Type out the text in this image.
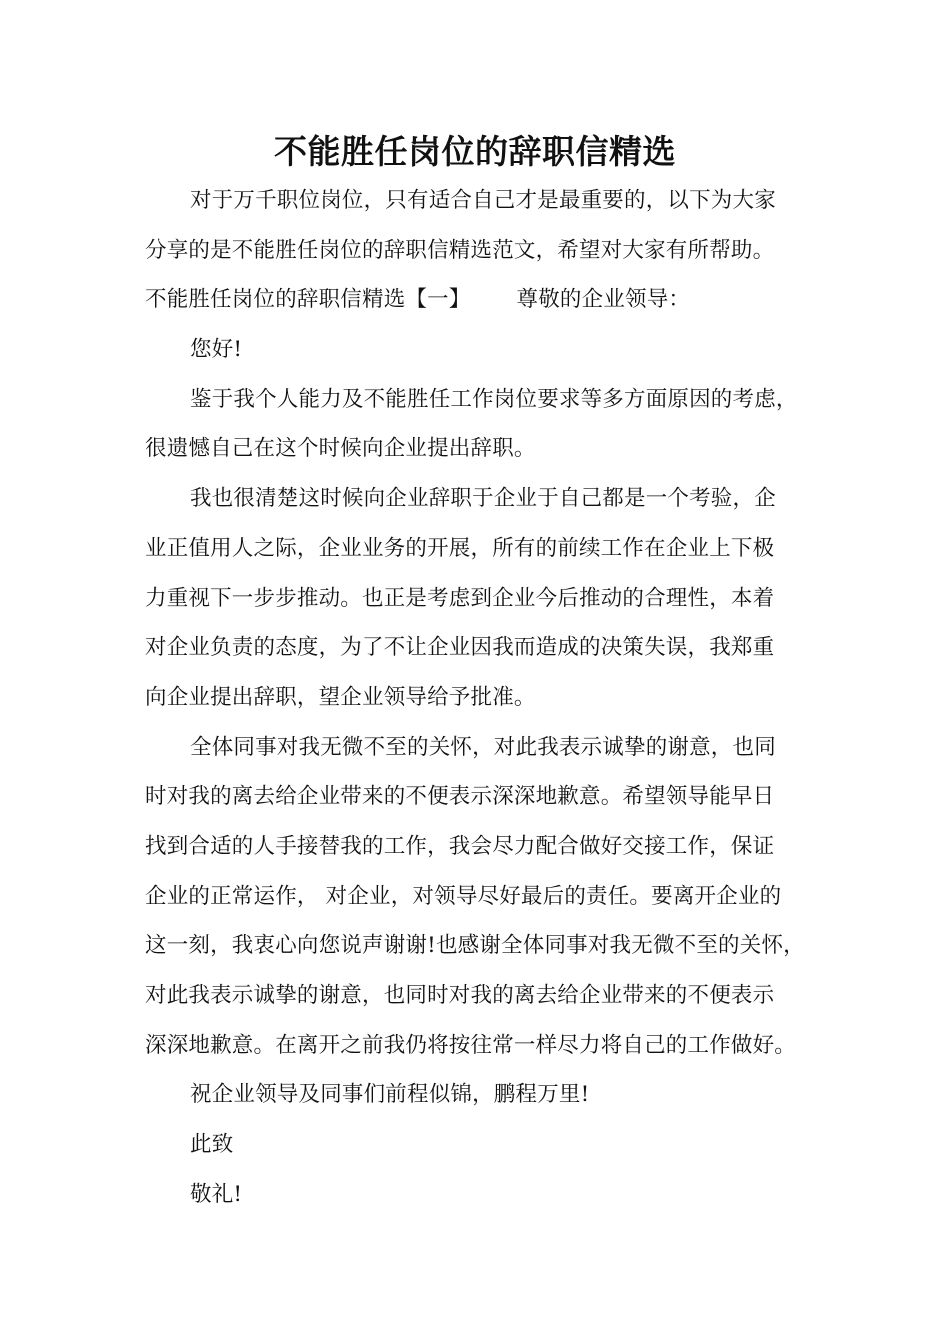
不能胜任岗位的辞职信精选
对于万千职位岗位，只有适合自己才是最重要的，以下为大家
分享的是不能胜任岗位的辞职信精选范文，希望对大家有所帮助。
不能胜任岗位的辞职信精选【一】 尊敬的企业领导：
您好!
鉴于我个人能力及不能胜任工作岗位要求等多方面原因的考虑，
很遗憾自己在这个时候向企业提出辞职。
我也很清楚这时候向企业辞职于企业于自己都是一个考验，企
业正值用人之际，企业业务的开展，所有的前续工作在企业上下极
力重视下一步步推动。也正是考虑到企业今后推动的合理性，本着
对企业负责的态度，为了不让企业因我而造成的决策失误，我郑重
向企业提出辞职，望企业领导给予批准。
全体同事对我无微不至的关怀，对此我表示诚挚的谢意，也同
时对我的离去给企业带来的不便表示深深地歉意。希望领导能早日
找到合适的人手接替我的工作，我会尽力配合做好交接工作，保证
企业的正常运作， 对企业，对领导尽好最后的责任。要离开企业的
这一刻，我衷心向您说声谢谢!也感谢全体同事对我无微不至的关怀，
对此我表示诚挚的谢意，也同时对我的离去给企业带来的不便表示
深深地歉意。在离开之前我仍将按往常一样尽力将自己的工作做好。
祝企业领导及同事们前程似锦，鹏程万里!
此致
敬礼!
